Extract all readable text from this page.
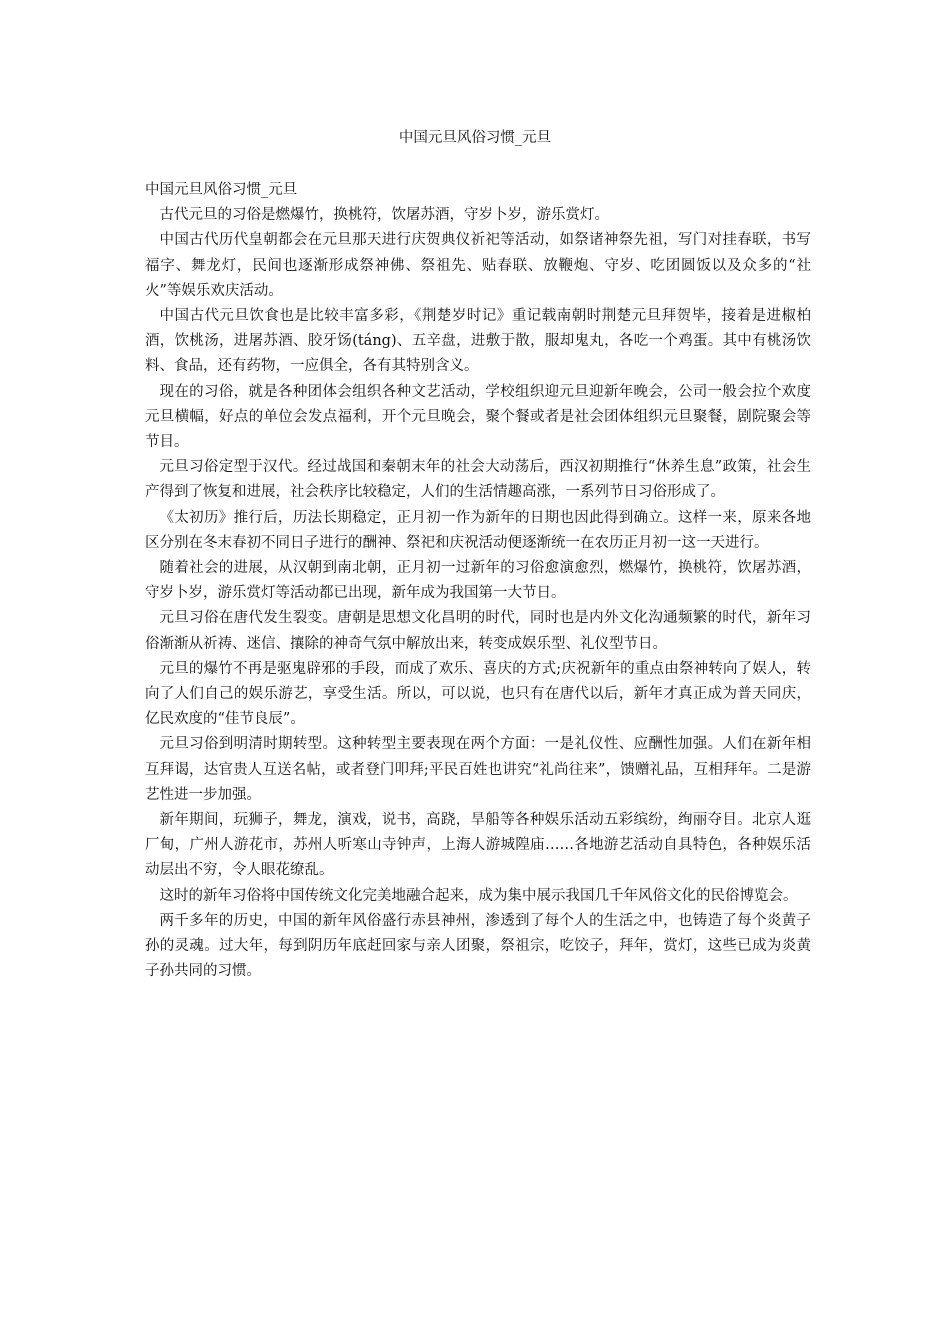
中国元旦风俗习惯_元旦

中国元旦风俗习惯_元旦

古代元旦的习俗是燃爆竹，换桃符，饮屠苏酒，守岁卜岁，游乐赏灯。

中国古代历代皇朝都会在元旦那天进行庆贺典仪祈祀等活动，如祭诸神祭先祖，写门对挂春联，书写福字、舞龙灯，民间也逐渐形成祭神佛、祭祖先、贴春联、放鞭炮、守岁、吃团圆饭以及众多的“社火”等娱乐欢庆活动。

中国古代元旦饮食也是比较丰富多彩，《荆楚岁时记》重记载南朝时荆楚元旦拜贺毕，接着是进椒柏酒，饮桃汤，进屠苏酒、胶牙饧(táng)、五辛盘，进敷于散，服却鬼丸，各吃一个鸡蛋。其中有桃汤饮料、食品，还有药物，一应俱全，各有其特别含义。

现在的习俗，就是各种团体会组织各种文艺活动，学校组织迎元旦迎新年晚会，公司一般会拉个欢度元旦横幅，好点的单位会发点福利，开个元旦晚会，聚个餐或者是社会团体组织元旦聚餐，剧院聚会等节目。

元旦习俗定型于汉代。经过战国和秦朝末年的社会大动荡后，西汉初期推行“休养生息”政策，社会生产得到了恢复和进展，社会秩序比较稳定，人们的生活情趣高涨，一系列节日习俗形成了。

《太初历》推行后，历法长期稳定，正月初一作为新年的日期也因此得到确立。这样一来，原来各地区分别在冬末春初不同日子进行的酬神、祭祀和庆祝活动便逐渐统一在农历正月初一这一天进行。

随着社会的进展，从汉朝到南北朝，正月初一过新年的习俗愈演愈烈，燃爆竹，换桃符，饮屠苏酒，守岁卜岁，游乐赏灯等活动都已出现，新年成为我国第一大节日。

元旦习俗在唐代发生裂变。唐朝是思想文化昌明的时代，同时也是内外文化沟通频繁的时代，新年习俗渐渐从祈祷、迷信、攘除的神奇气氛中解放出来，转变成娱乐型、礼仪型节日。

元旦的爆竹不再是驱鬼辟邪的手段，而成了欢乐、喜庆的方式;庆祝新年的重点由祭神转向了娱人，转向了人们自己的娱乐游艺，享受生活。所以，可以说，也只有在唐代以后，新年才真正成为普天同庆，亿民欢度的“佳节良辰”。

元旦习俗到明清时期转型。这种转型主要表现在两个方面：一是礼仪性、应酬性加强。人们在新年相互拜谒，达官贵人互送名帖，或者登门叩拜;平民百姓也讲究“礼尚往来”，馈赠礼品，互相拜年。二是游艺性进一步加强。

新年期间，玩狮子，舞龙，演戏，说书，高跷，旱船等各种娱乐活动五彩缤纷，绚丽夺目。北京人逛厂甸，广州人游花市，苏州人听寒山寺钟声，上海人游城隍庙……各地游艺活动自具特色，各种娱乐活动层出不穷，令人眼花缭乱。

这时的新年习俗将中国传统文化完美地融合起来，成为集中展示我国几千年风俗文化的民俗博览会。

两千多年的历史，中国的新年风俗盛行赤县神州，渗透到了每个人的生活之中，也铸造了每个炎黄子孙的灵魂。过大年，每到阴历年底赶回家与亲人团聚，祭祖宗，吃饺子，拜年，赏灯，这些已成为炎黄子孙共同的习惯。
